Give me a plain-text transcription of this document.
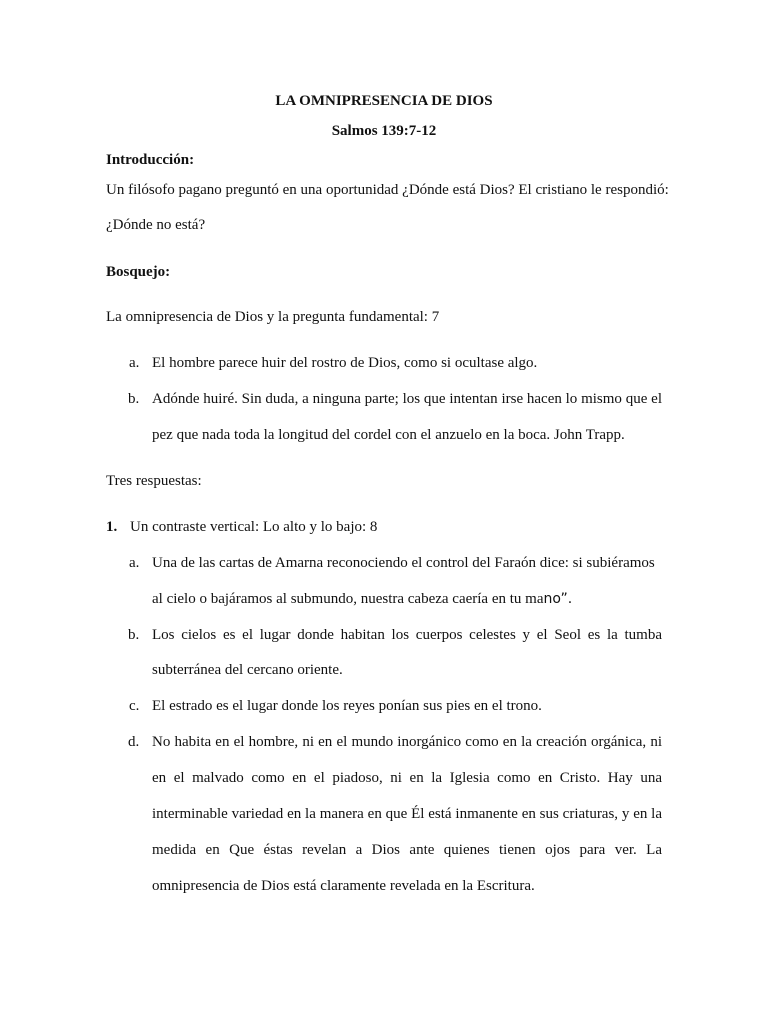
LA OMNIPRESENCIA DE DIOS
Salmos 139:7-12
Introducción:
Un filósofo pagano preguntó en una oportunidad ¿Dónde está Dios? El cristiano le respondió:
¿Dónde no está?
Bosquejo:
La omnipresencia de Dios y la pregunta fundamental: 7
a. El hombre parece huir del rostro de Dios, como si ocultase algo.
b. Adónde huiré. Sin duda, a ninguna parte; los que intentan irse hacen lo mismo que el
pez que nada toda la longitud del cordel con el anzuelo en la boca. John Trapp.
Tres respuestas:
1. Un contraste vertical: Lo alto y lo bajo: 8
a. Una de las cartas de Amarna reconociendo el control del Faraón dice: si subiéramos
al cielo o bajáramos al submundo, nuestra cabeza caería en tu mano”.
b. Los cielos es el lugar donde habitan los cuerpos celestes y el Seol es la tumba
subterránea del cercano oriente.
c. El estrado es el lugar donde los reyes ponían sus pies en el trono.
d. No habita en el hombre, ni en el mundo inorgánico como en la creación orgánica, ni
en el malvado como en el piadoso, ni en la Iglesia como en Cristo. Hay una
interminable variedad en la manera en que Él está inmanente en sus criaturas, y en la
medida en Que éstas revelan a Dios ante quienes tienen ojos para ver. La
omnipresencia de Dios está claramente revelada en la Escritura.
